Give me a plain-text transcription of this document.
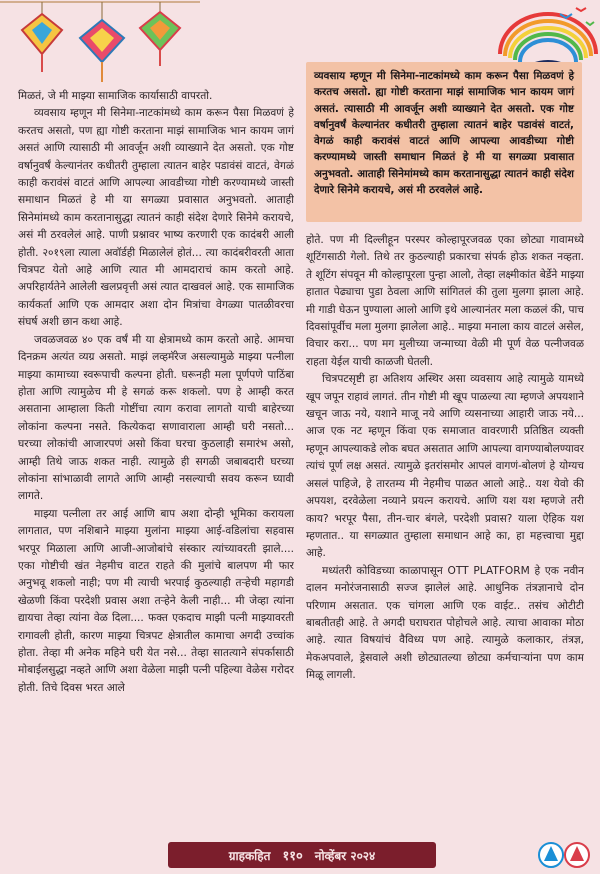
मिळतं, जे मी माझ्या सामाजिक कार्यासाठी वापरतो.

व्यवसाय म्हणून मी सिनेमा-नाटकांमध्ये काम करून पैसा मिळवणं हे करतच असतो, पण ह्या गोष्टी करताना माझं सामाजिक भान कायम जागं असतं आणि त्यासाठी मी आवर्जून अशी व्याख्याने देत असतो. एक गोष्ट वर्षानुवर्षं केल्यानंतर कधीतरी तुम्हाला त्यातन बाहेर पडावंसं वाटतं, वेगळं काही करावंसं वाटतं आणि आपल्या आवडीच्या गोष्टी करण्यामध्ये जास्ती समाधान मिळतं हे मी या सगळ्या प्रवासात अनुभवतो. आताही सिनेमांमध्ये काम करतानासुद्धा त्यातनं काही संदेश देणारे सिनेमे करायचे, असं मी ठरवलेलं आहे. पाणी प्रश्नावर भाष्य करणारी एक कादंबरी आली होती. २०१९ला त्याला अवॉर्डही मिळालेलं होतं... त्या कादंबरीवरती आता चित्रपट येतो आहे आणि त्यात मी आमदाराचं काम करतो आहे. अपरिहार्यतेने आलेली खलप्रवृत्ती असं त्यात दाखवलं आहे. एक सामाजिक कार्यकर्ता आणि एक आमदार अशा दोन मित्रांचा वेगळ्या पातळीवरचा संघर्ष अशी छान कथा आहे.

जवळजवळ ४० एक वर्षं मी या क्षेत्रामध्ये काम करतो आहे. आमचा दिनक्रम अत्यंत व्यग्र असतो. माझं लव्हमॅरेज असल्यामुळे माझ्या पत्नीला माझ्या कामाच्या स्वरूपाची कल्पना होती. घरूनही मला पूर्णपणे पाठिंबा होता आणि त्यामुळेच मी हे सगळं करू शकलो. पण हे आम्ही करत असताना आम्हाला किती गोष्टींचा त्याग करावा लागतो याची बाहेरच्या लोकांना कल्पना नसते. कित्येकदा सणावाराला आम्ही घरी नसतो... घरच्या लोकांची आजारपणं असो किंवा घरचा कुठलाही समारंभ असो, आम्ही तिथे जाऊ शकत नाही. त्यामुळे ही सगळी जबाबदारी घरच्या लोकांना सांभाळावी लागते आणि आम्ही नसल्याची सवय करून घ्यावी लागते.

माझ्या पत्नीला तर आई आणि बाप अशा दोन्ही भूमिका करायला लागतात, पण नशिबाने माझ्या मुलांना माझ्या आई-वडिलांचा सहवास भरपूर मिळाला आणि आजी-आजोबांचे संस्कार त्यांच्यावरती झाले.... एका गोष्टीची खंत नेहमीच वाटत राहते की मुलांचे बालपण मी फार अनुभवू शकलो नाही; पण मी त्याची भरपाई कुठल्याही तऱ्हेची महागडी खेळणी किंवा परदेशी प्रवास अशा तऱ्हेने केली नाही... मी जेव्हा त्यांना द्यायचा तेव्हा त्यांना वेळ दिला.... फक्त एकदाच माझी पत्नी माझ्यावरती रागावली होती, कारण माझ्या चित्रपट क्षेत्रातील कामाचा अगदी उच्चांक होता. तेव्हा मी अनेक महिने घरी येत नसे... तेव्हा सातत्याने संपर्कासाठी मोबाईलसुद्धा नव्हते आणि अशा वेळेला माझी पत्नी पहिल्या वेळेस गरोदर होती. तिचे दिवस भरत आले

व्यवसाय म्हणून मी सिनेमा-नाटकांमध्ये काम करून पैसा मिळवणं हे करतच असतो. ह्या गोष्टी करताना माझं सामाजिक भान कायम जागं असतं. त्यासाठी मी आवर्जून अशी व्याख्याने देत असतो. एक गोष्ट वर्षानुवर्षं केल्यानंतर कधीतरी तुम्हाला त्यातनं बाहेर पडावंसं वाटतं, वेगळं काही करावंसं वाटतं आणि आपल्या आवडीच्या गोष्टी करण्यामध्ये जास्ती समाधान मिळतं हे मी या सगळ्या प्रवासात अनुभवतो. आताही सिनेमांमध्ये काम करतानासुद्धा त्यातनं काही संदेश देणारे सिनेमे करायचे, असं मी ठरवलेलं आहे.

होते. पण मी दिल्लीहून परस्पर कोल्हापूरजवळ एका छोट्या गावामध्ये शूटिंगसाठी गेलो. तिथे तर कुठल्याही प्रकारचा संपर्क होऊ शकत नव्हता. ते शूटिंग संपवून मी कोल्हापूरला पुन्हा आलो, तेव्हा लक्ष्मीकांत बेर्डेने माझ्या हातात पेढ्याचा पुडा ठेवला आणि सांगितलं की तुला मुलगा झाला आहे. मी गाडी घेऊन पुण्याला आलो आणि इथे आल्यानंतर मला कळलं की, पाच दिवसांपूर्वीच मला मुलगा झालेला आहे.. माझ्या मनाला काय वाटलं असेल, विचार करा... पण मग मुलीच्या जन्माच्या वेळी मी पूर्ण वेळ पत्नीजवळ राहता येईल याची काळजी घेतली.

चित्रपटसृष्टी हा अतिशय अस्थिर असा व्यवसाय आहे त्यामुळे यामध्ये खूप जपून राहावं लागतं. तीन गोष्टी मी खूप पाळल्या त्या म्हणजे अपयशाने खचून जाऊ नये, यशाने माजू नये आणि व्यसनाच्या आहारी जाऊ नये... आज एक नट म्हणून किंवा एक समाजात वावरणारी प्रतिष्ठित व्यक्ती म्हणून आपल्याकडे लोक बघत असतात आणि आपल्या वागण्याबोलण्यावर त्यांचं पूर्ण लक्ष असतं. त्यामुळे इतरांसमोर आपलं वागणं-बोलणं हे योग्यच असलं पाहिजे, हे तारतम्य मी नेहमीच पाळत आलो आहे.. यश येवो की अपयश, दरवेळेला नव्याने प्रयत्न करायचे. आणि यश यश म्हणजे तरी काय? भरपूर पैसा, तीन-चार बंगले, परदेशी प्रवास? याला ऐहिक यश म्हणतात.. या सगळ्यात तुम्हाला समाधान आहे का, हा महत्त्वाचा मुद्दा आहे.

मध्यंतरी कोविडच्या काळापासून OTT PLATFORM हे एक नवीन दालन मनोरंजनासाठी सज्ज झालेलं आहे. आधुनिक तंत्रज्ञानाचे दोन परिणाम असतात. एक चांगला आणि एक वाईट.. तसंच ओटीटी बाबतीतही आहे. ते अगदी घराघरात पोहोचले आहे. त्याचा आवाका मोठा आहे. त्यात विषयांचं वैविध्य पण आहे. त्यामुळे कलाकार, तंत्रज्ञ, मेकअपवाले, ड्रेसवाले अशी छोट्यातल्या छोट्या कर्मचाऱ्यांना पण काम मिळू लागली.

ग्राहकहित ११० नोव्हेंबर २०२४
